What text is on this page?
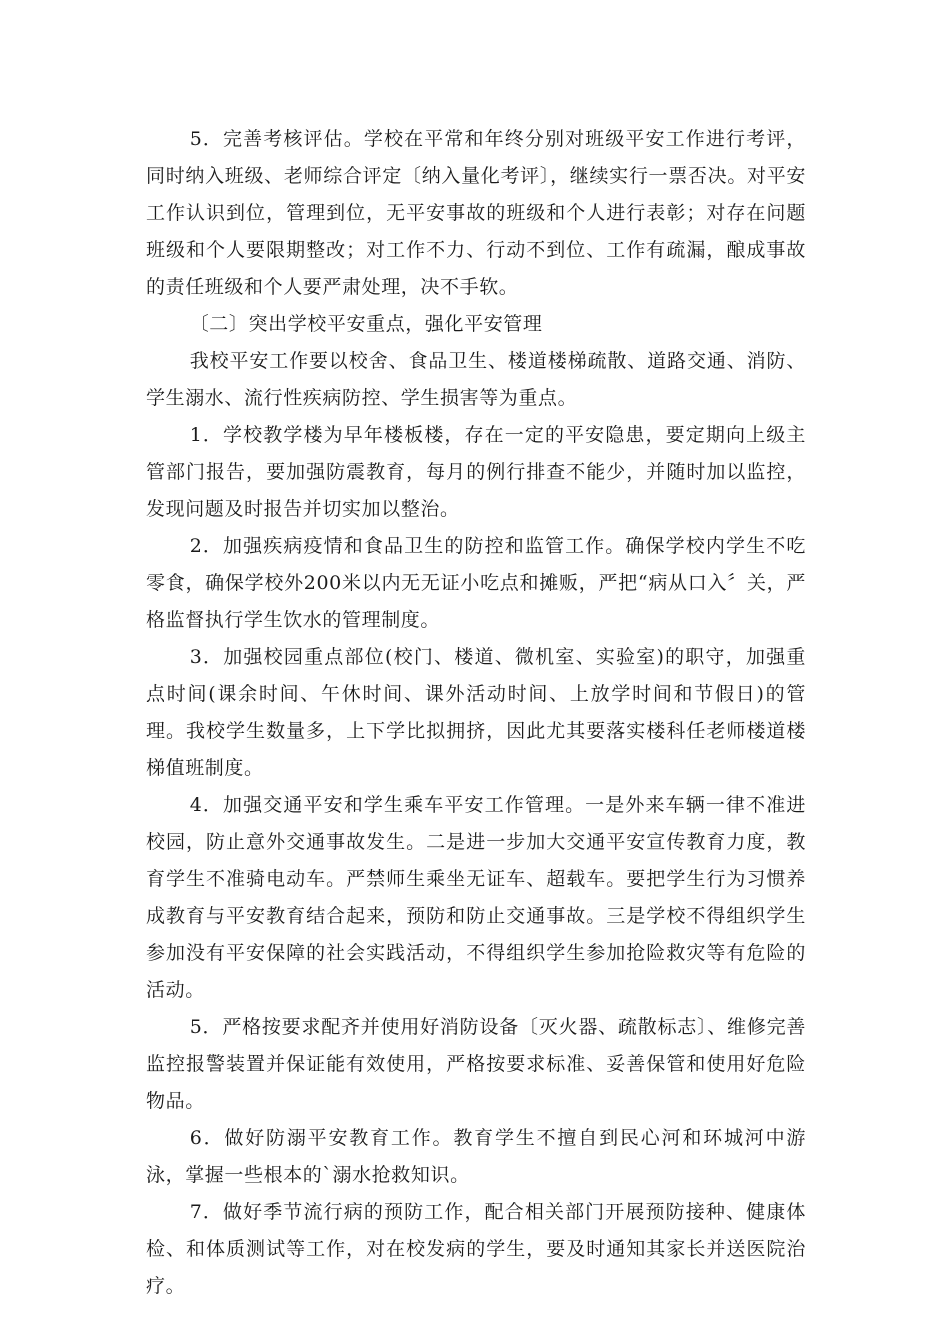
5．完善考核评估。学校在平常和年终分别对班级平安工作进行考评，同时纳入班级、老师综合评定〔纳入量化考评〕，继续实行一票否决。对平安工作认识到位，管理到位，无平安事故的班级和个人进行表彰；对存在问题班级和个人要限期整改；对工作不力、行动不到位、工作有疏漏，酿成事故的责任班级和个人要严肃处理，决不手软。

〔二〕突出学校平安重点，强化平安管理

我校平安工作要以校舍、食品卫生、楼道楼梯疏散、道路交通、消防、学生溺水、流行性疾病防控、学生损害等为重点。

1．学校教学楼为早年楼板楼，存在一定的平安隐患，要定期向上级主管部门报告，要加强防震教育，每月的例行排查不能少，并随时加以监控，发现问题及时报告并切实加以整治。

2．加强疾病疫情和食品卫生的防控和监管工作。确保学校内学生不吃零食，确保学校外200米以内无无证小吃点和摊贩，严把“病从口入〞关，严格监督执行学生饮水的管理制度。

3．加强校园重点部位(校门、楼道、微机室、实验室)的职守，加强重点时间(课余时间、午休时间、课外活动时间、上放学时间和节假日)的管理。我校学生数量多，上下学比拟拥挤，因此尤其要落实楼科任老师楼道楼梯值班制度。

4．加强交通平安和学生乘车平安工作管理。一是外来车辆一律不准进校园，防止意外交通事故发生。二是进一步加大交通平安宣传教育力度，教育学生不准骑电动车。严禁师生乘坐无证车、超载车。要把学生行为习惯养成教育与平安教育结合起来，预防和防止交通事故。三是学校不得组织学生参加没有平安保障的社会实践活动，不得组织学生参加抢险救灾等有危险的活动。

5．严格按要求配齐并使用好消防设备〔灭火器、疏散标志〕、维修完善监控报警装置并保证能有效使用，严格按要求标准、妥善保管和使用好危险物品。

6．做好防溺平安教育工作。教育学生不擅自到民心河和环城河中游泳，掌握一些根本的`溺水抢救知识。

7．做好季节流行病的预防工作，配合相关部门开展预防接种、健康体检、和体质测试等工作，对在校发病的学生，要及时通知其家长并送医院治疗。
